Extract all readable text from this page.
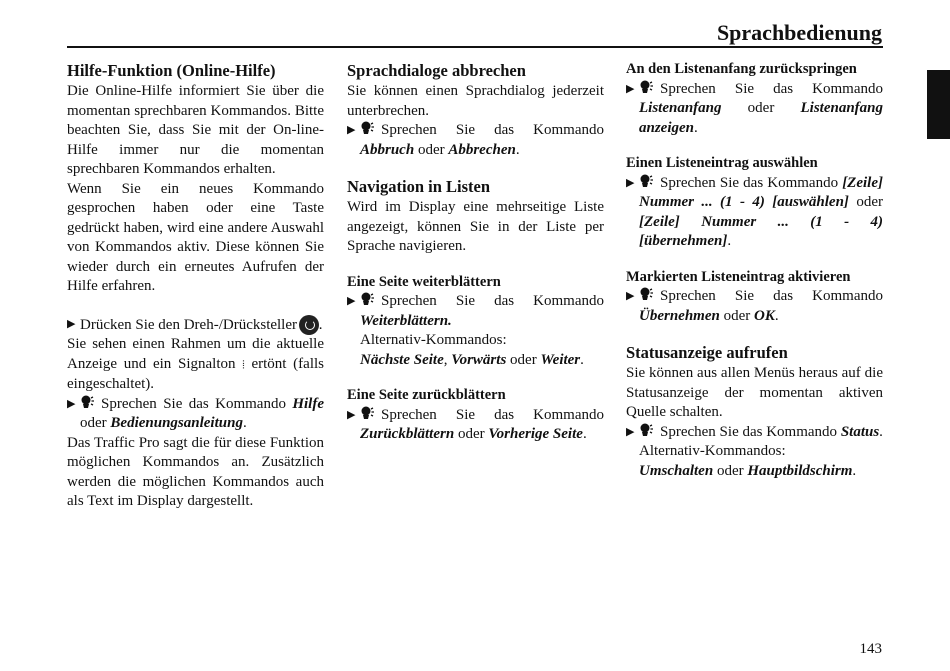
Sprachbedienung
Hilfe-Funktion (Online-Hilfe)

Die Online-Hilfe informiert Sie über die momentan sprechbaren Kommandos. Bitte beachten Sie, dass Sie mit der On-line-Hilfe immer nur die momentan sprechbaren Kommandos erhalten.

Wenn Sie ein neues Kommando gesprochen haben oder eine Taste gedrückt haben, wird eine andere Auswahl von Kommandos aktiv. Diese können Sie wieder durch ein erneutes Aufrufen der Hilfe erfahren.

▶ Drücken Sie den Dreh-/Drücksteller .

Sie sehen einen Rahmen um die aktuelle Anzeige und ein Signalton ⦙ ertönt (falls eingeschaltet).

▶ Sprechen Sie das Kommando Hilfe oder Bedienungsanleitung.

Das Traffic Pro sagt die für diese Funktion möglichen Kommandos an. Zusätzlich werden die möglichen Kommandos auch als Text im Display dargestellt.

Sprachdialoge abbrechen

Sie können einen Sprachdialog jederzeit unterbrechen.

▶ Sprechen Sie das Kommando Abbruch oder Abbrechen.
Navigation in Listen

Wird im Display eine mehrseitige Liste angezeigt, können Sie in der Liste per Sprache navigieren.

Eine Seite weiterblättern
▶ Sprechen Sie das Kommando Weiterblättern.
Alternativ-Kommandos:
Nächste Seite, Vorwärts oder Weiter.
Eine Seite zurückblättern
▶ Sprechen Sie das Kommando Zurückblättern oder Vorherige Seite.
An den Listenanfang zurückspringen
▶ Sprechen Sie das Kommando Listenanfang oder Listenanfang anzeigen.
Einen Listeneintrag auswählen
▶ Sprechen Sie das Kommando [Zeile] Nummer ... (1 - 4) [auswählen] oder [Zeile] Nummer ... (1 - 4) [übernehmen].
Markierten Listeneintrag aktivieren
▶ Sprechen Sie das Kommando Übernehmen oder OK.
Statusanzeige aufrufen

Sie können aus allen Menüs heraus auf die Statusanzeige der momentan aktiven Quelle schalten.

▶ Sprechen Sie das Kommando Status.
Alternativ-Kommandos:
Umschalten oder Hauptbildschirm.
143
